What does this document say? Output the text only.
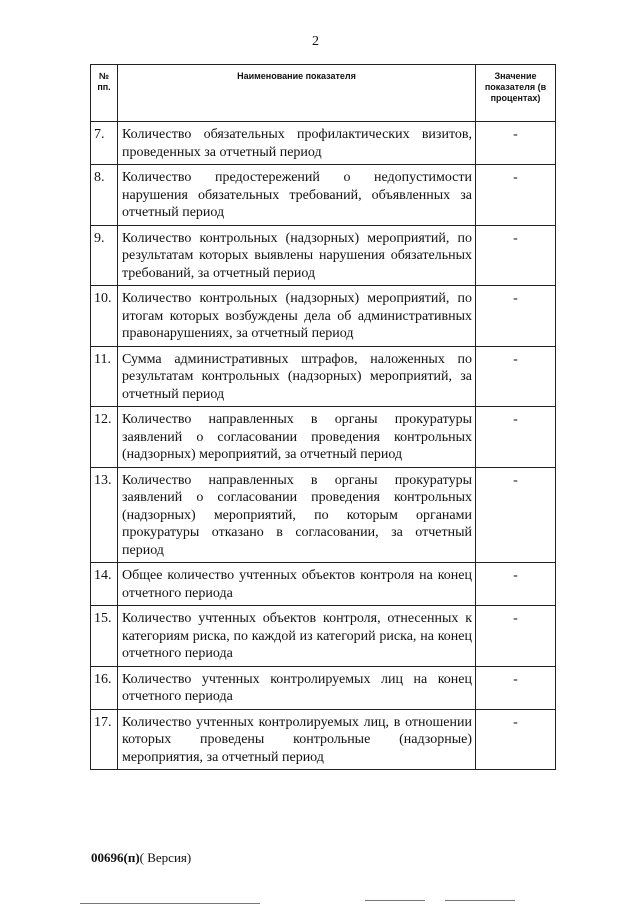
2
№ пп.	Наименование показателя	Значение показателя (в процентах)
7.	Количество обязательных профилактических визитов, проведенных за отчетный период	-
8.	Количество предостережений о недопустимости нарушения обязательных требований, объявленных за отчетный период	-
9.	Количество контрольных (надзорных) мероприятий, по результатам которых выявлены нарушения обязательных требований, за отчетный период	-
10.	Количество контрольных (надзорных) мероприятий, по итогам которых возбуждены дела об административных правонарушениях, за отчетный период	-
11.	Сумма административных штрафов, наложенных по результатам контрольных (надзорных) мероприятий, за отчетный период	-
12.	Количество направленных в органы прокуратуры заявлений о согласовании проведения контрольных (надзорных) мероприятий, за отчетный период	-
13.	Количество направленных в органы прокуратуры заявлений о согласовании проведения контрольных (надзорных) мероприятий, по которым органами прокуратуры отказано в согласовании, за отчетный период	-
14.	Общее количество учтенных объектов контроля на конец отчетного периода	-
15.	Количество учтенных объектов контроля, отнесенных к категориям риска, по каждой из категорий риска, на конец отчетного периода	-
16.	Количество учтенных контролируемых лиц на конец отчетного периода	-
17.	Количество учтенных контролируемых лиц, в отношении которых проведены контрольные (надзорные) мероприятия, за отчетный период	-
00696(п)( Версия)
